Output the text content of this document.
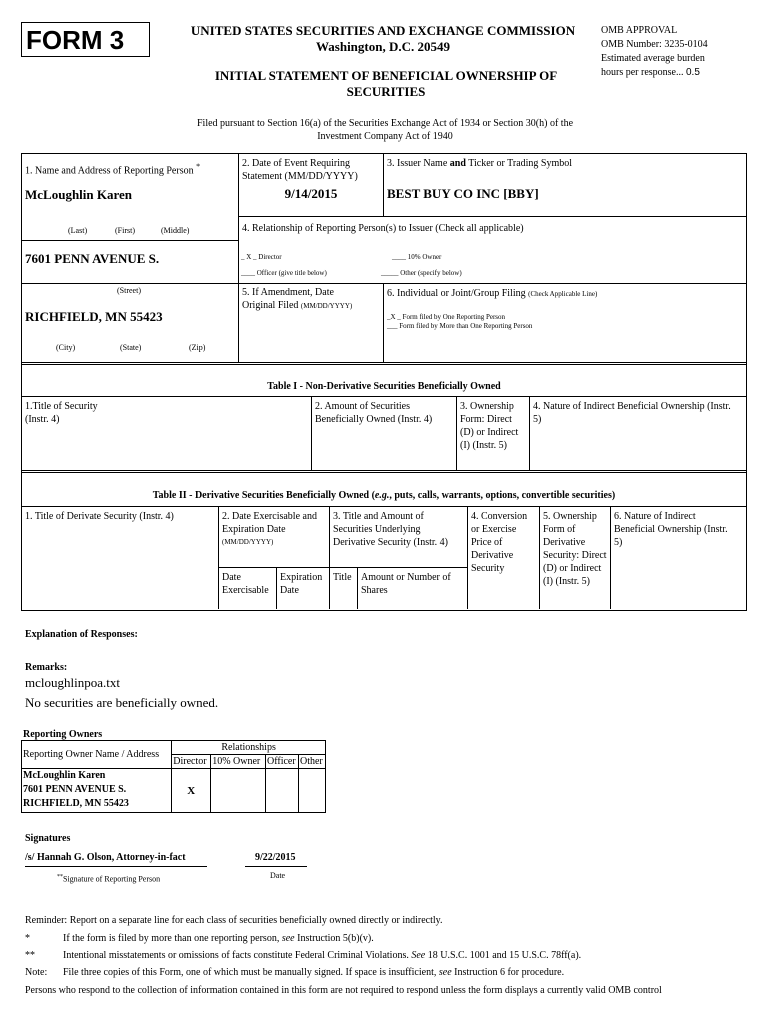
FORM 3	UNITED STATES SECURITIES AND EXCHANGE COMMISSION
Washington, D.C. 20549
INITIAL STATEMENT OF BENEFICIAL OWNERSHIP OF SECURITIES
OMB APPROVAL
OMB Number: 3235-0104
Estimated average burden
hours per response... 0.5
Filed pursuant to Section 16(a) of the Securities Exchange Act of 1934 or Section 30(h) of the
Investment Company Act of 1940
1. Name and Address of Reporting Person *
McLoughlin Karen
(Last)	(First)	(Middle)
7601 PENN AVENUE S.
(Street)
RICHFIELD, MN 55423
(City)	(State)	(Zip)
2. Date of Event Requiring Statement (MM/DD/YYYY)
9/14/2015
3. Issuer Name and Ticker or Trading Symbol
BEST BUY CO INC [BBY]
4. Relationship of Reporting Person(s) to Issuer (Check all applicable)
_ X _ Director	____ 10% Owner
____ Officer (give title below)	_____ Other (specify below)
5. If Amendment, Date
Original Filed (MM/DD/YYYY)
6. Individual or Joint/Group Filing (Check Applicable Line)
_X _ Form filed by One Reporting Person
___ Form filed by More than One Reporting Person
Table I - Non-Derivative Securities Beneficially Owned
1.Title of Security (Instr. 4)
2. Amount of Securities Beneficially Owned (Instr. 4)
3. Ownership Form: Direct (D) or Indirect (I) (Instr. 5)
4. Nature of Indirect Beneficial Ownership (Instr. 5)
Table II - Derivative Securities Beneficially Owned (e.g., puts, calls, warrants, options, convertible securities)
1. Title of Derivate Security (Instr. 4)	2. Date Exercisable and Expiration Date
(MM/DD/YYYY)
Date Exercisable
Expiration Date
3. Title and Amount of Securities Underlying Derivative Security (Instr. 4)
Title Amount or Number of Shares
4. Conversion or Exercise Price of Derivative Security
5. Ownership Form of Derivative Security: Direct (D) or Indirect (I) (Instr. 5)
6. Nature of Indirect Beneficial Ownership (Instr. 5)
Explanation of Responses:
Remarks:
mcloughlinpoa.txt
No securities are beneficially owned.
Reporting Owners
Reporting Owner Name / Address	Relationships			
	Director	10% Owner	Officer	Other

McLoughlin Karen
7601 PENN AVENUE S.
RICHFIELD, MN 55423	X			
Signatures
/s/ Hannah G. Olson, Attorney-in-fact	9/22/2015
**Signature of Reporting Person	Date
Reminder: Report on a separate line for each class of securities beneficially owned directly or indirectly.
*	If the form is filed by more than one reporting person, see Instruction 5(b)(v).
**	Intentional misstatements or omissions of facts constitute Federal Criminal Violations. See 18 U.S.C. 1001 and 15 U.S.C. 78ff(a).
Note: File three copies of this Form, one of which must be manually signed. If space is insufficient, see Instruction 6 for procedure.
Persons who respond to the collection of information contained in this form are not required to respond unless the form displays a currently valid OMB control
